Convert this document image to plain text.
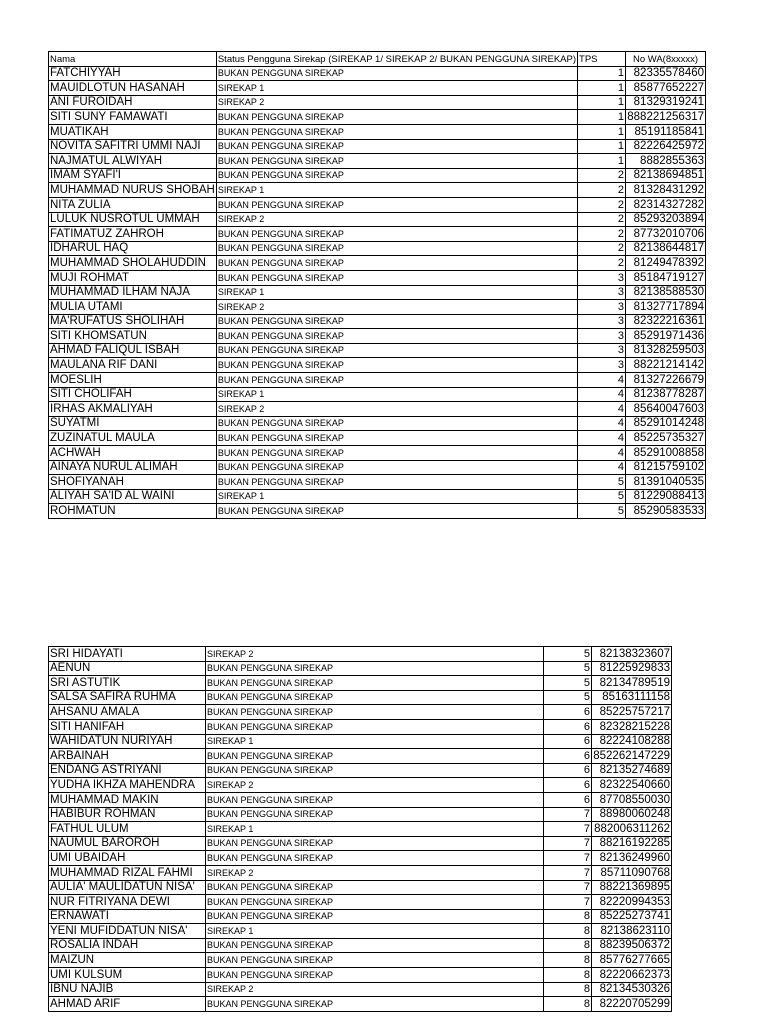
Nama	Status Pengguna Sirekap (SIREKAP 1/ SIREKAP 2/ BUKAN PENGGUNA SIREKAP)	TPS	No WA(8xxxxx)
FATCHIYYAH	BUKAN PENGGUNA SIREKAP	1	82335578460
MAUIDLOTUN HASANAH	SIREKAP 1	1	85877652227
ANI FUROIDAH	SIREKAP 2	1	81329319241
SITI SUNY FAMAWATI	BUKAN PENGGUNA SIREKAP	1	888221256317
MUATIKAH	BUKAN PENGGUNA SIREKAP	1	85191185841
NOVITA SAFITRI UMMI NAJI	BUKAN PENGGUNA SIREKAP	1	82226425972
NAJMATUL ALWIYAH	BUKAN PENGGUNA SIREKAP	1	8882855363
IMAM SYAFI'I	BUKAN PENGGUNA SIREKAP	2	82138694851
MUHAMMAD NURUS SHOBAH	SIREKAP 1	2	81328431292
NITA ZULIA	BUKAN PENGGUNA SIREKAP	2	82314327282
LULUK NUSROTUL UMMAH	SIREKAP 2	2	85293203894
FATIMATUZ ZAHROH	BUKAN PENGGUNA SIREKAP	2	87732010706
IDHARUL HAQ	BUKAN PENGGUNA SIREKAP	2	82138644817
MUHAMMAD SHOLAHUDDIN	BUKAN PENGGUNA SIREKAP	2	81249478392
MUJI ROHMAT	BUKAN PENGGUNA SIREKAP	3	85184719127
MUHAMMAD ILHAM NAJA	SIREKAP 1	3	82138588530
MULIA UTAMI	SIREKAP 2	3	81327717894
MA'RUFATUS SHOLIHAH	BUKAN PENGGUNA SIREKAP	3	82322216361
SITI KHOMSATUN	BUKAN PENGGUNA SIREKAP	3	85291971436
AHMAD FALIQUL ISBAH	BUKAN PENGGUNA SIREKAP	3	81328259503
MAULANA RIF DANI	BUKAN PENGGUNA SIREKAP	3	88221214142
MOESLIH	BUKAN PENGGUNA SIREKAP	4	81327226679
SITI CHOLIFAH	SIREKAP 1	4	81238778287
IRHAS AKMALIYAH	SIREKAP 2	4	85640047603
SUYATMI	BUKAN PENGGUNA SIREKAP	4	85291014248
ZUZINATUL MAULA	BUKAN PENGGUNA SIREKAP	4	85225735327
ACHWAH	BUKAN PENGGUNA SIREKAP	4	85291008858
AINAYA NURUL ALIMAH	BUKAN PENGGUNA SIREKAP	4	81215759102
SHOFIYANAH	BUKAN PENGGUNA SIREKAP	5	81391040535
ALIYAH SA'ID AL WAINI	SIREKAP 1	5	81229088413
ROHMATUN	BUKAN PENGGUNA SIREKAP	5	85290583533
SRI HIDAYATI	SIREKAP 2	5	82138323607
AENUN	BUKAN PENGGUNA SIREKAP	5	81225929833
SRI ASTUTIK	BUKAN PENGGUNA SIREKAP	5	82134789519
SALSA SAFIRA RUHMA	BUKAN PENGGUNA SIREKAP	5	85163111158
AHSANU AMALA	BUKAN PENGGUNA SIREKAP	6	85225757217
SITI HANIFAH	BUKAN PENGGUNA SIREKAP	6	82328215228
WAHIDATUN NURIYAH	SIREKAP 1	6	82224108288
ARBAINAH	BUKAN PENGGUNA SIREKAP	6	852262147229
ENDANG ASTRIYANI	BUKAN PENGGUNA SIREKAP	6	82135274689
YUDHA IKHZA MAHENDRA	SIREKAP 2	6	82322540660
MUHAMMAD MAKIN	BUKAN PENGGUNA SIREKAP	6	87708550030
HABIBUR ROHMAN	BUKAN PENGGUNA SIREKAP	7	88980060248
FATHUL ULUM	SIREKAP 1	7	882006311262
NAUMUL BAROROH	BUKAN PENGGUNA SIREKAP	7	88216192285
UMI UBAIDAH	BUKAN PENGGUNA SIREKAP	7	82136249960
MUHAMMAD RIZAL FAHMI	SIREKAP 2	7	85711090768
AULIA' MAULIDATUN NISA'	BUKAN PENGGUNA SIREKAP	7	88221369895
NUR FITRIYANA DEWI	BUKAN PENGGUNA SIREKAP	7	82220994353
ERNAWATI	BUKAN PENGGUNA SIREKAP	8	85225273741
YENI MUFIDDATUN NISA'	SIREKAP 1	8	82138623110
ROSALIA INDAH	BUKAN PENGGUNA SIREKAP	8	88239506372
MAIZUN	BUKAN PENGGUNA SIREKAP	8	85776277665
UMI KULSUM	BUKAN PENGGUNA SIREKAP	8	82220662373
IBNU NAJIB	SIREKAP 2	8	82134530326
AHMAD ARIF	BUKAN PENGGUNA SIREKAP	8	82220705299
